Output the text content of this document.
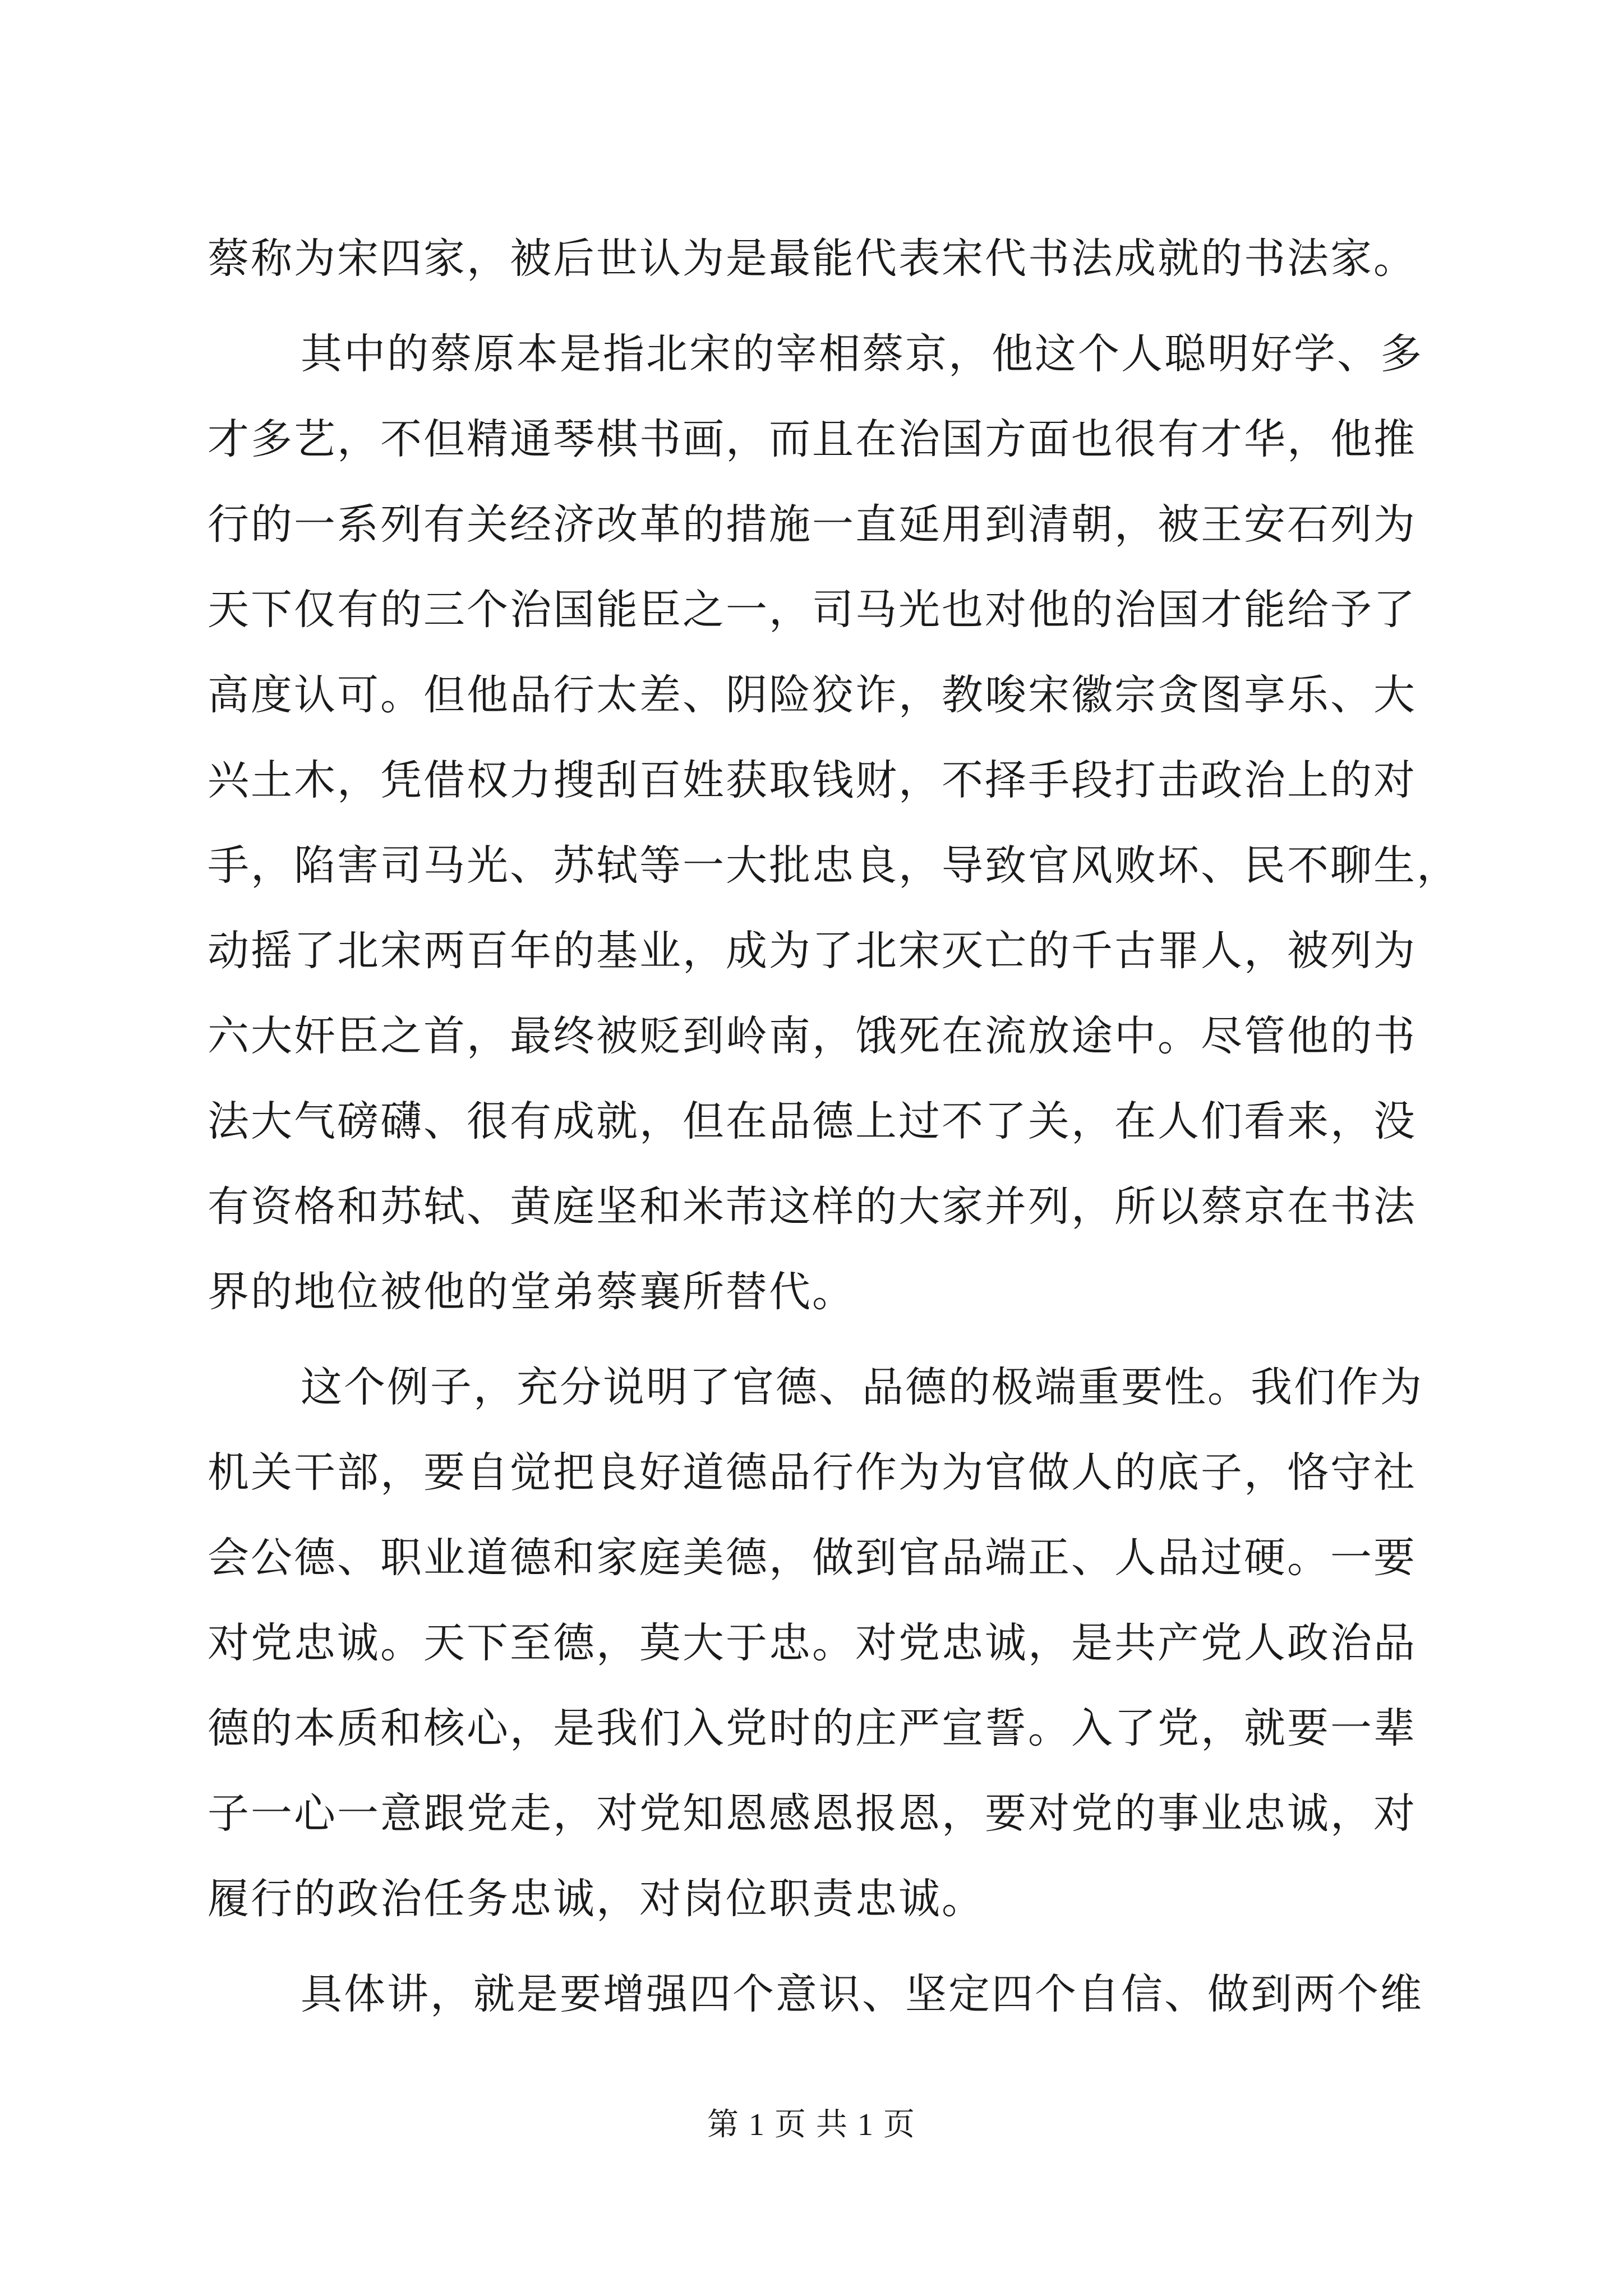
蔡称为宋四家，被后世认为是最能代表宋代书法成就的书法家。
其中的蔡原本是指北宋的宰相蔡京，他这个人聪明好学、多
才多艺，不但精通琴棋书画，而且在治国方面也很有才华，他推
行的一系列有关经济改革的措施一直延用到清朝，被王安石列为
天下仅有的三个治国能臣之一，司马光也对他的治国才能给予了
高度认可。但他品行太差、阴险狡诈，教唆宋徽宗贪图享乐、大
兴土木，凭借权力搜刮百姓获取钱财，不择手段打击政治上的对
手，陷害司马光、苏轼等一大批忠良，导致官风败坏、民不聊生，
动摇了北宋两百年的基业，成为了北宋灭亡的千古罪人，被列为
六大奸臣之首，最终被贬到岭南，饿死在流放途中。尽管他的书
法大气磅礴、很有成就，但在品德上过不了关，在人们看来，没
有资格和苏轼、黄庭坚和米芾这样的大家并列，所以蔡京在书法
界的地位被他的堂弟蔡襄所替代。
这个例子，充分说明了官德、品德的极端重要性。我们作为
机关干部，要自觉把良好道德品行作为为官做人的底子，恪守社
会公德、职业道德和家庭美德，做到官品端正、人品过硬。一要
对党忠诚。天下至德，莫大于忠。对党忠诚，是共产党人政治品
德的本质和核心，是我们入党时的庄严宣誓。入了党，就要一辈
子一心一意跟党走，对党知恩感恩报恩，要对党的事业忠诚，对
履行的政治任务忠诚，对岗位职责忠诚。
具体讲，就是要增强四个意识、坚定四个自信、做到两个维
第 1 页 共 1 页
